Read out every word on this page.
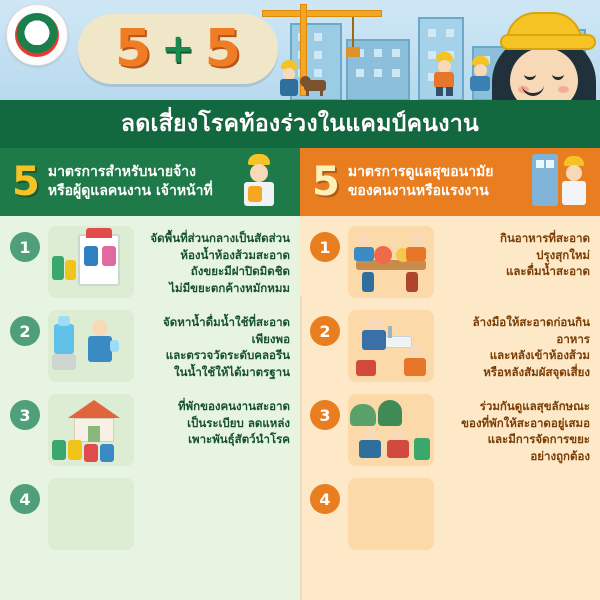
5 + 5
ลดเสี่ยงโรคท้องร่วงในแคมป์คนงาน
5 มาตรการสำหรับนายจ้าง
หรือผู้ดูแลคนงาน เจ้าหน้าที่
1	จัดพื้นที่ส่วนกลางเป็นสัดส่วน
ห้องน้ำห้องส้วมสะอาด
ถังขยะมีฝาปิดมิดชิด
ไม่มีขยะตกค้างหมักหมม
2	จัดหาน้ำดื่มน้ำใช้ที่สะอาดเพียงพอ
และตรวจวัดระดับคลอรีน
ในน้ำใช้ให้ได้มาตรฐาน
3	ที่พักของคนงานสะอาด
เป็นระเบียบ ลดแหล่ง
เพาะพันธุ์สัตว์นำโรค
4
5 มาตรการดูแลสุขอนามัย
ของคนงานหรือแรงงาน
1	กินอาหารที่สะอาด
ปรุงสุกใหม่
และดื่มน้ำสะอาด
2	ล้างมือให้สะอาดก่อนกินอาหาร
และหลังเข้าห้องส้วม
หรือหลังสัมผัสจุดเสี่ยง
3	ร่วมกันดูแลสุขลักษณะ
ของที่พักให้สะอาดอยู่เสมอ
และมีการจัดการขยะ
อย่างถูกต้อง
4
